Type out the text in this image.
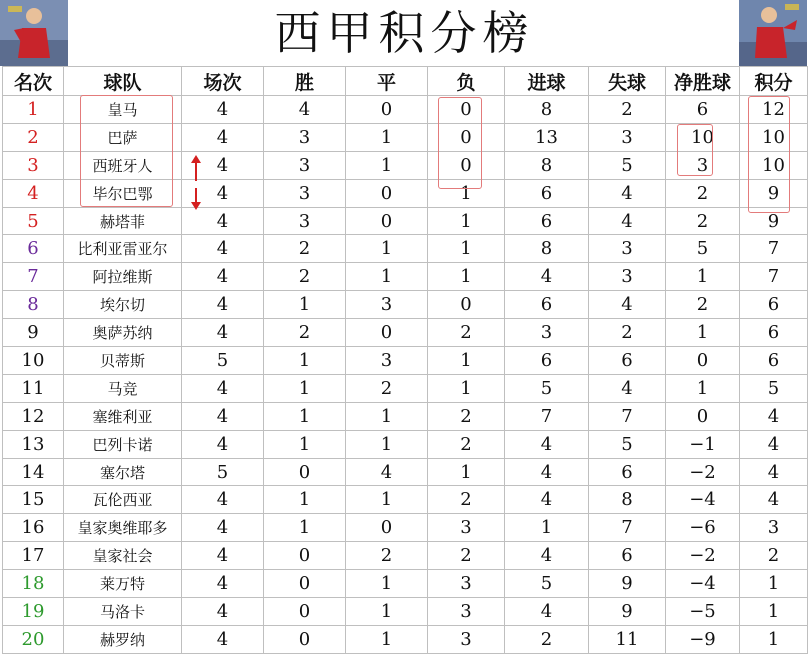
西甲积分榜
名次	球队	场次	胜	平	负	进球	失球	净胜球	积分
1	皇马	4	4	0	0	8	2	6	12
2	巴萨	4	3	1	0	13	3	10	10
3	西班牙人	4	3	1	0	8	5	3	10
4	毕尔巴鄂	4	3	0	1	6	4	2	9
5	赫塔菲	4	3	0	1	6	4	2	9
6	比利亚雷亚尔	4	2	1	1	8	3	5	7
7	阿拉维斯	4	2	1	1	4	3	1	7
8	埃尔切	4	1	3	0	6	4	2	6
9	奥萨苏纳	4	2	0	2	3	2	1	6
10	贝蒂斯	5	1	3	1	6	6	0	6
11	马竞	4	1	2	1	5	4	1	5
12	塞维利亚	4	1	1	2	7	7	0	4
13	巴列卡诺	4	1	1	2	4	5	−1	4
14	塞尔塔	5	0	4	1	4	6	−2	4
15	瓦伦西亚	4	1	1	2	4	8	−4	4
16	皇家奥维耶多	4	1	0	3	1	7	−6	3
17	皇家社会	4	0	2	2	4	6	−2	2
18	莱万特	4	0	1	3	5	9	−4	1
19	马洛卡	4	0	1	3	4	9	−5	1
20	赫罗纳	4	0	1	3	2	11	−9	1
